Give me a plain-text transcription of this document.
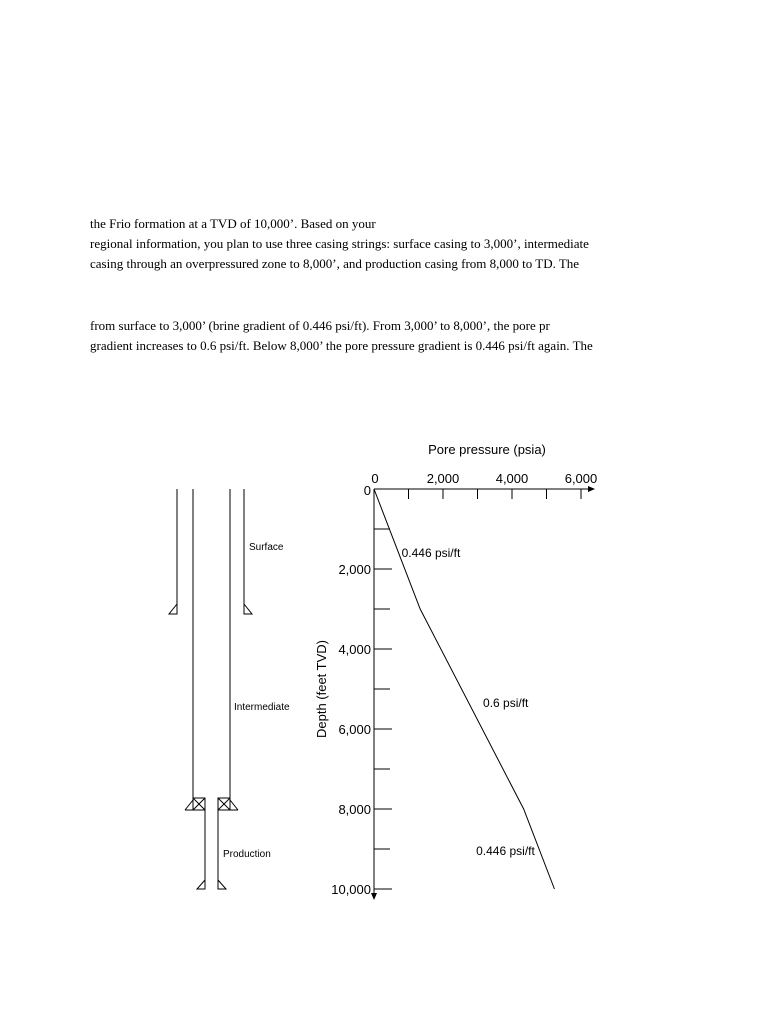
the Frio formation at a TVD of 10,000’. Based on your
regional information, you plan to use three casing strings: surface casing to 3,000’, intermediate
casing through an overpressured zone to 8,000’, and production casing from 8,000 to TD. The
from surface to 3,000’ (brine gradient of 0.446 psi/ft). From 3,000’ to 8,000’, the pore pr
gradient increases to 0.6 psi/ft. Below 8,000’ the pore pressure gradient is 0.446 psi/ft again. The
Surface
Intermediate
Production
Pore pressure (psia)
Depth (feet TVD)
0	2,000	4,000	6,000
0
2,000
4,000
6,000
8,000
10,000
0.446 psi/ft
0.6 psi/ft
0.446 psi/ft
